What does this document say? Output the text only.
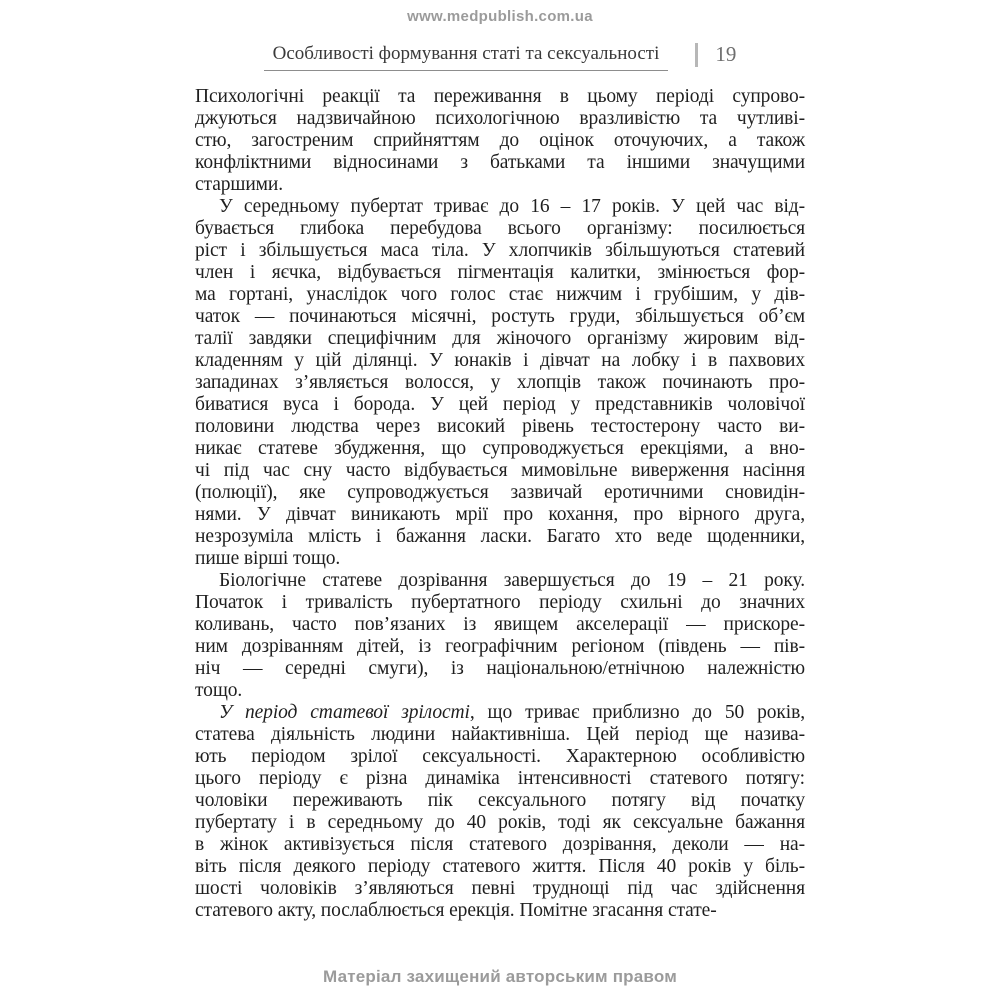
www.medpublish.com.ua
Особливості формування статі та сексуальності	19
Психологічні реакції та переживання в цьому періоді супрово-
джуються надзвичайною психологічною вразливістю та чутливі-
стю, загостреним сприйняттям до оцінок оточуючих, а також
конфліктними відносинами з батьками та іншими значущими
старшими.
У середньому пубертат триває до 16 – 17 років. У цей час від-
бувається глибока перебудова всього організму: посилюється
ріст і збільшується маса тіла. У хлопчиків збільшуються статевий
член і яєчка, відбувається пігментація калитки, змінюється фор-
ма гортані, унаслідок чого голос стає нижчим і грубішим, у дів-
чаток — починаються місячні, ростуть груди, збільшується об’єм
талії завдяки специфічним для жіночого організму жировим від-
кладенням у цій ділянці. У юнаків і дівчат на лобку і в пахвових
западинах з’являється волосся, у хлопців також починають про-
биватися вуса і борода. У цей період у представників чоловічої
половини людства через високий рівень тестостерону часто ви-
никає статеве збудження, що супроводжується ерекціями, а вно-
чі під час сну часто відбувається мимовільне виверження насіння
(полюції), яке супроводжується зазвичай еротичними сновидін-
нями. У дівчат виникають мрії про кохання, про вірного друга,
незрозуміла млість і бажання ласки. Багато хто веде щоденники,
пише вірші тощо.
Біологічне статеве дозрівання завершується до 19 – 21 року.
Початок і тривалість пубертатного періоду схильні до значних
коливань, часто пов’язаних із явищем акселерації — прискоре-
ним дозріванням дітей, із географічним регіоном (південь — пів-
ніч — середні смуги), із національною/етнічною належністю
тощо.
У період статевої зрілості, що триває приблизно до 50 років,
статева діяльність людини найактивніша. Цей період ще назива-
ють періодом зрілої сексуальності. Характерною особливістю
цього періоду є різна динаміка інтенсивності статевого потягу:
чоловіки переживають пік сексуального потягу від початку
пубертату і в середньому до 40 років, тоді як сексуальне бажання
в жінок активізується після статевого дозрівання, деколи — на-
віть після деякого періоду статевого життя. Після 40 років у біль-
шості чоловіків з’являються певні труднощі під час здійснення
статевого акту, послаблюється ерекція. Помітне згасання стате-
Матеріал захищений авторським правом
